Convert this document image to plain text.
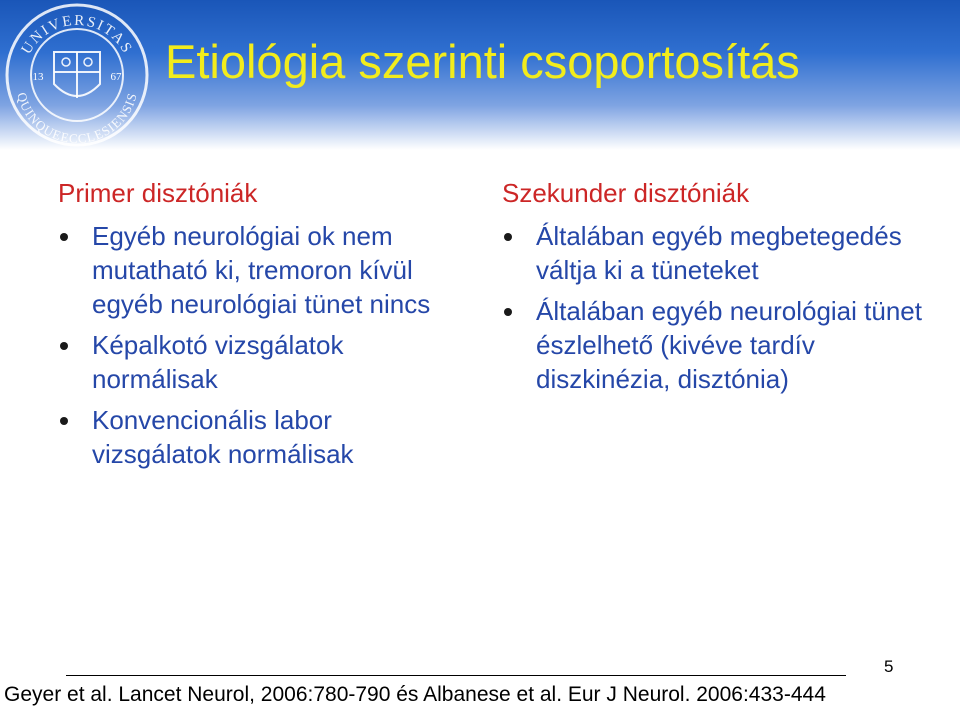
UNIVERSITAS
QUINQUEECCLESIENSIS
13	67 Etiológia szerinti csoportosítás
Primer disztóniák
Egyéb neurológiai ok nem mutatható ki, tremoron kívül egyéb neurológiai tünet nincs
Képalkotó vizsgálatok normálisak
Konvencionális labor vizsgálatok normálisak
Szekunder disztóniák
Általában egyéb megbetegedés váltja ki a tüneteket
Általában egyéb neurológiai tünet észlelhető (kivéve tardív diszkinézia, disztónia)
5
Geyer et al. Lancet Neurol, 2006:780-790 és Albanese et al. Eur J Neurol. 2006:433-444
